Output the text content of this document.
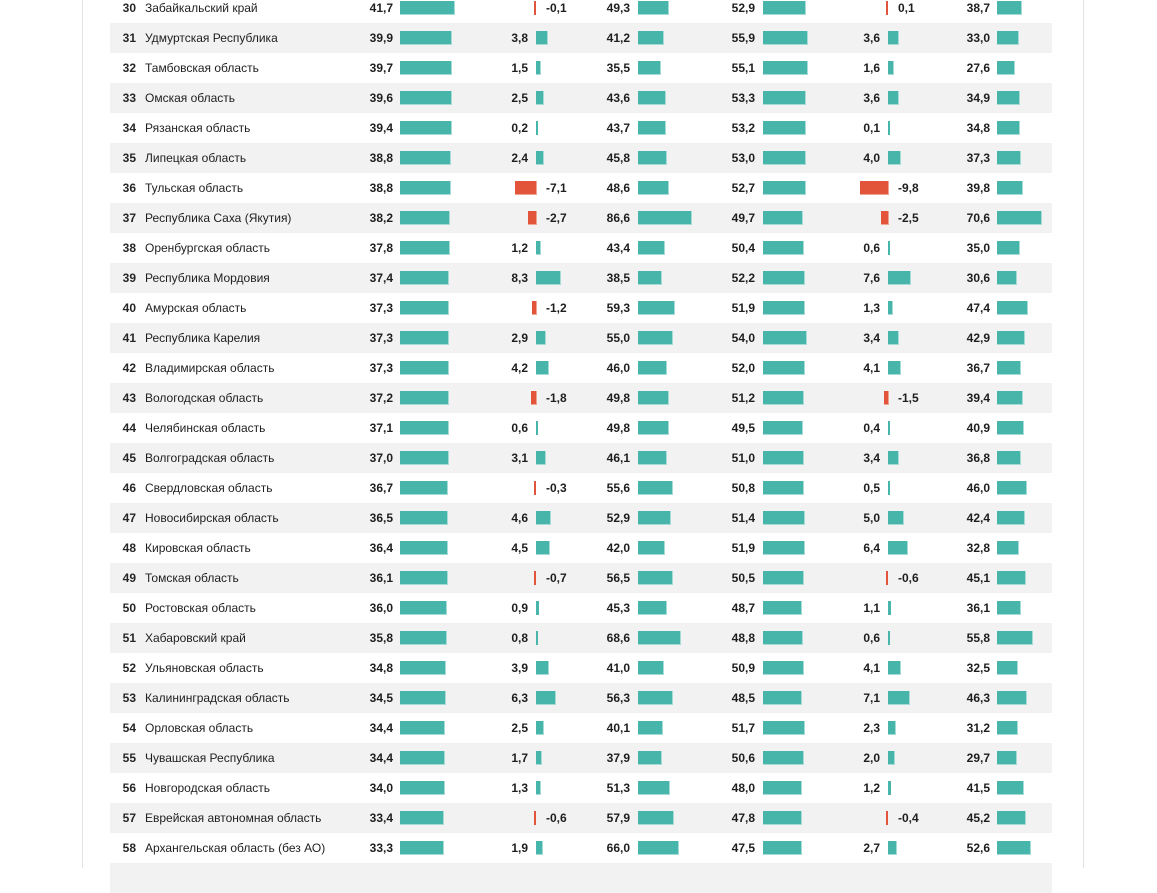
30 Забайкальский край	41,7	-0,1	49,3	52,9	0,1	38,7
31 Удмуртская Республика	39,9	3,8	41,2	55,9	3,6	33,0
32 Тамбовская область	39,7	1,5	35,5	55,1	1,6	27,6
33 Омская область	39,6	2,5	43,6	53,3	3,6	34,9
34 Рязанская область	39,4	0,2	43,7	53,2	0,1	34,8
35 Липецкая область	38,8	2,4	45,8	53,0	4,0	37,3
36 Тульская область	38,8	-7,1	48,6	52,7	-9,8	39,8
37 Республика Саха (Якутия)	38,2	-2,7	86,6	49,7	-2,5	70,6
38 Оренбургская область	37,8	1,2	43,4	50,4	0,6	35,0
39 Республика Мордовия	37,4	8,3	38,5	52,2	7,6	30,6
40 Амурская область	37,3	-1,2	59,3	51,9	1,3	47,4
41 Республика Карелия	37,3	2,9	55,0	54,0	3,4	42,9
42 Владимирская область	37,3	4,2	46,0	52,0	4,1	36,7
43 Вологодская область	37,2	-1,8	49,8	51,2	-1,5	39,4
44 Челябинская область	37,1	0,6	49,8	49,5	0,4	40,9
45 Волгоградская область	37,0	3,1	46,1	51,0	3,4	36,8
46 Свердловская область	36,7	-0,3	55,6	50,8	0,5	46,0
47 Новосибирская область	36,5	4,6	52,9	51,4	5,0	42,4
48 Кировская область	36,4	4,5	42,0	51,9	6,4	32,8
49 Томская область	36,1	-0,7	56,5	50,5	-0,6	45,1
50 Ростовская область	36,0	0,9	45,3	48,7	1,1	36,1
51 Хабаровский край	35,8	0,8	68,6	48,8	0,6	55,8
52 Ульяновская область	34,8	3,9	41,0	50,9	4,1	32,5
53 Калининградская область	34,5	6,3	56,3	48,5	7,1	46,3
54 Орловская область	34,4	2,5	40,1	51,7	2,3	31,2
55 Чувашская Республика	34,4	1,7	37,9	50,6	2,0	29,7
56 Новгородская область	34,0	1,3	51,3	48,0	1,2	41,5
57 Еврейская автономная область	33,4	-0,6	57,9	47,8	-0,4	45,2
58 Архангельская область (без АО)	33,3	1,9	66,0	47,5	2,7	52,6
